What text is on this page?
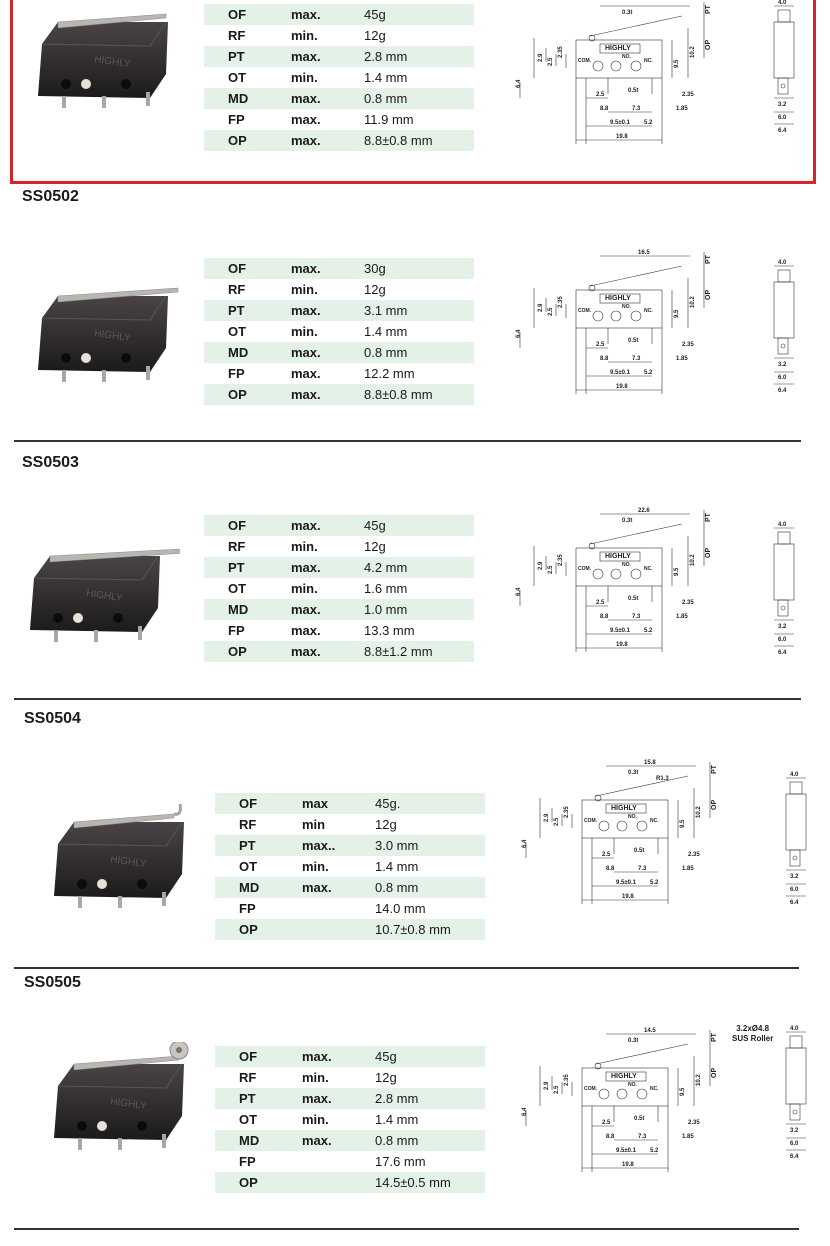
HIGHLY
OF	max.	45g
RF	min.	12g
PT	max.	2.8 mm
OT	min.	1.4 mm
MD	max.	0.8 mm
FP	max.	11.9 mm
OP	max.	8.8±0.8 mm
HIGHLY
COM.
NO.
NC.
PT
OP
2.9 2.5
2.35
6.4
9.5
10.2
2.5
0.5t
2.35
8.8	7.3	1.85
9.5±0.1 5.2
19.8
0.3t
4.0
3.2
6.0
6.4
SS0502
HIGHLY
OF	max.	30g
RF	min.	12g
PT	max.	3.1 mm
OT	min.	1.4 mm
MD	max.	0.8 mm
FP	max.	12.2 mm
OP	max.	8.8±0.8 mm
HIGHLY
COM.
NO.
NC.
PT
OP
2.9 2.5
2.35
6.4
9.5
10.2
2.5
0.5t
2.35
8.8	7.3	1.85
9.5±0.1 5.2
19.8
16.5
4.0
3.2
6.0
6.4
SS0503
HIGHLY
OF	max.	45g
RF	min.	12g
PT	max.	4.2 mm
OT	min.	1.6 mm
MD	max.	1.0 mm
FP	max.	13.3 mm
OP	max.	8.8±1.2 mm
HIGHLY
COM.
NO.
NC.
PT
OP
2.9 2.5
2.35
6.4
9.5
10.2
2.5
0.5t
2.35
8.8	7.3	1.85
9.5±0.1 5.2
19.8
22.6
0.3t
4.0
3.2
6.0
6.4
SS0504
HIGHLY
OF	max	45g.
RF	min	12g
PT	max..	3.0 mm
OT	min.	1.4 mm
MD	max.	0.8 mm
FP		14.0 mm
OP		10.7±0.8 mm
HIGHLY
COM.
NO.
NC.
PT
OP
2.9 2.5
2.35
6.4
9.5
10.2
2.5
0.5t
2.35
8.8	7.3	1.85
9.5±0.1 5.2
19.8
15.8
0.3t
R1.3
4.0
3.2
6.0
6.4
SS0505
HIGHLY
OF	max.	45g
RF	min.	12g
PT	max.	2.8 mm
OT	min.	1.4 mm
MD	max.	0.8 mm
FP		17.6 mm
OP		14.5±0.5 mm
HIGHLY
COM.
NO.
NC.
PT
OP
2.9 2.5
2.35
6.4
9.5
10.2
2.5
0.5t
2.35
8.8	7.3	1.85
9.5±0.1 5.2
19.8
14.5
0.3t
4.0
3.2
6.0
6.4
3.2xØ4.8
SUS Roller
